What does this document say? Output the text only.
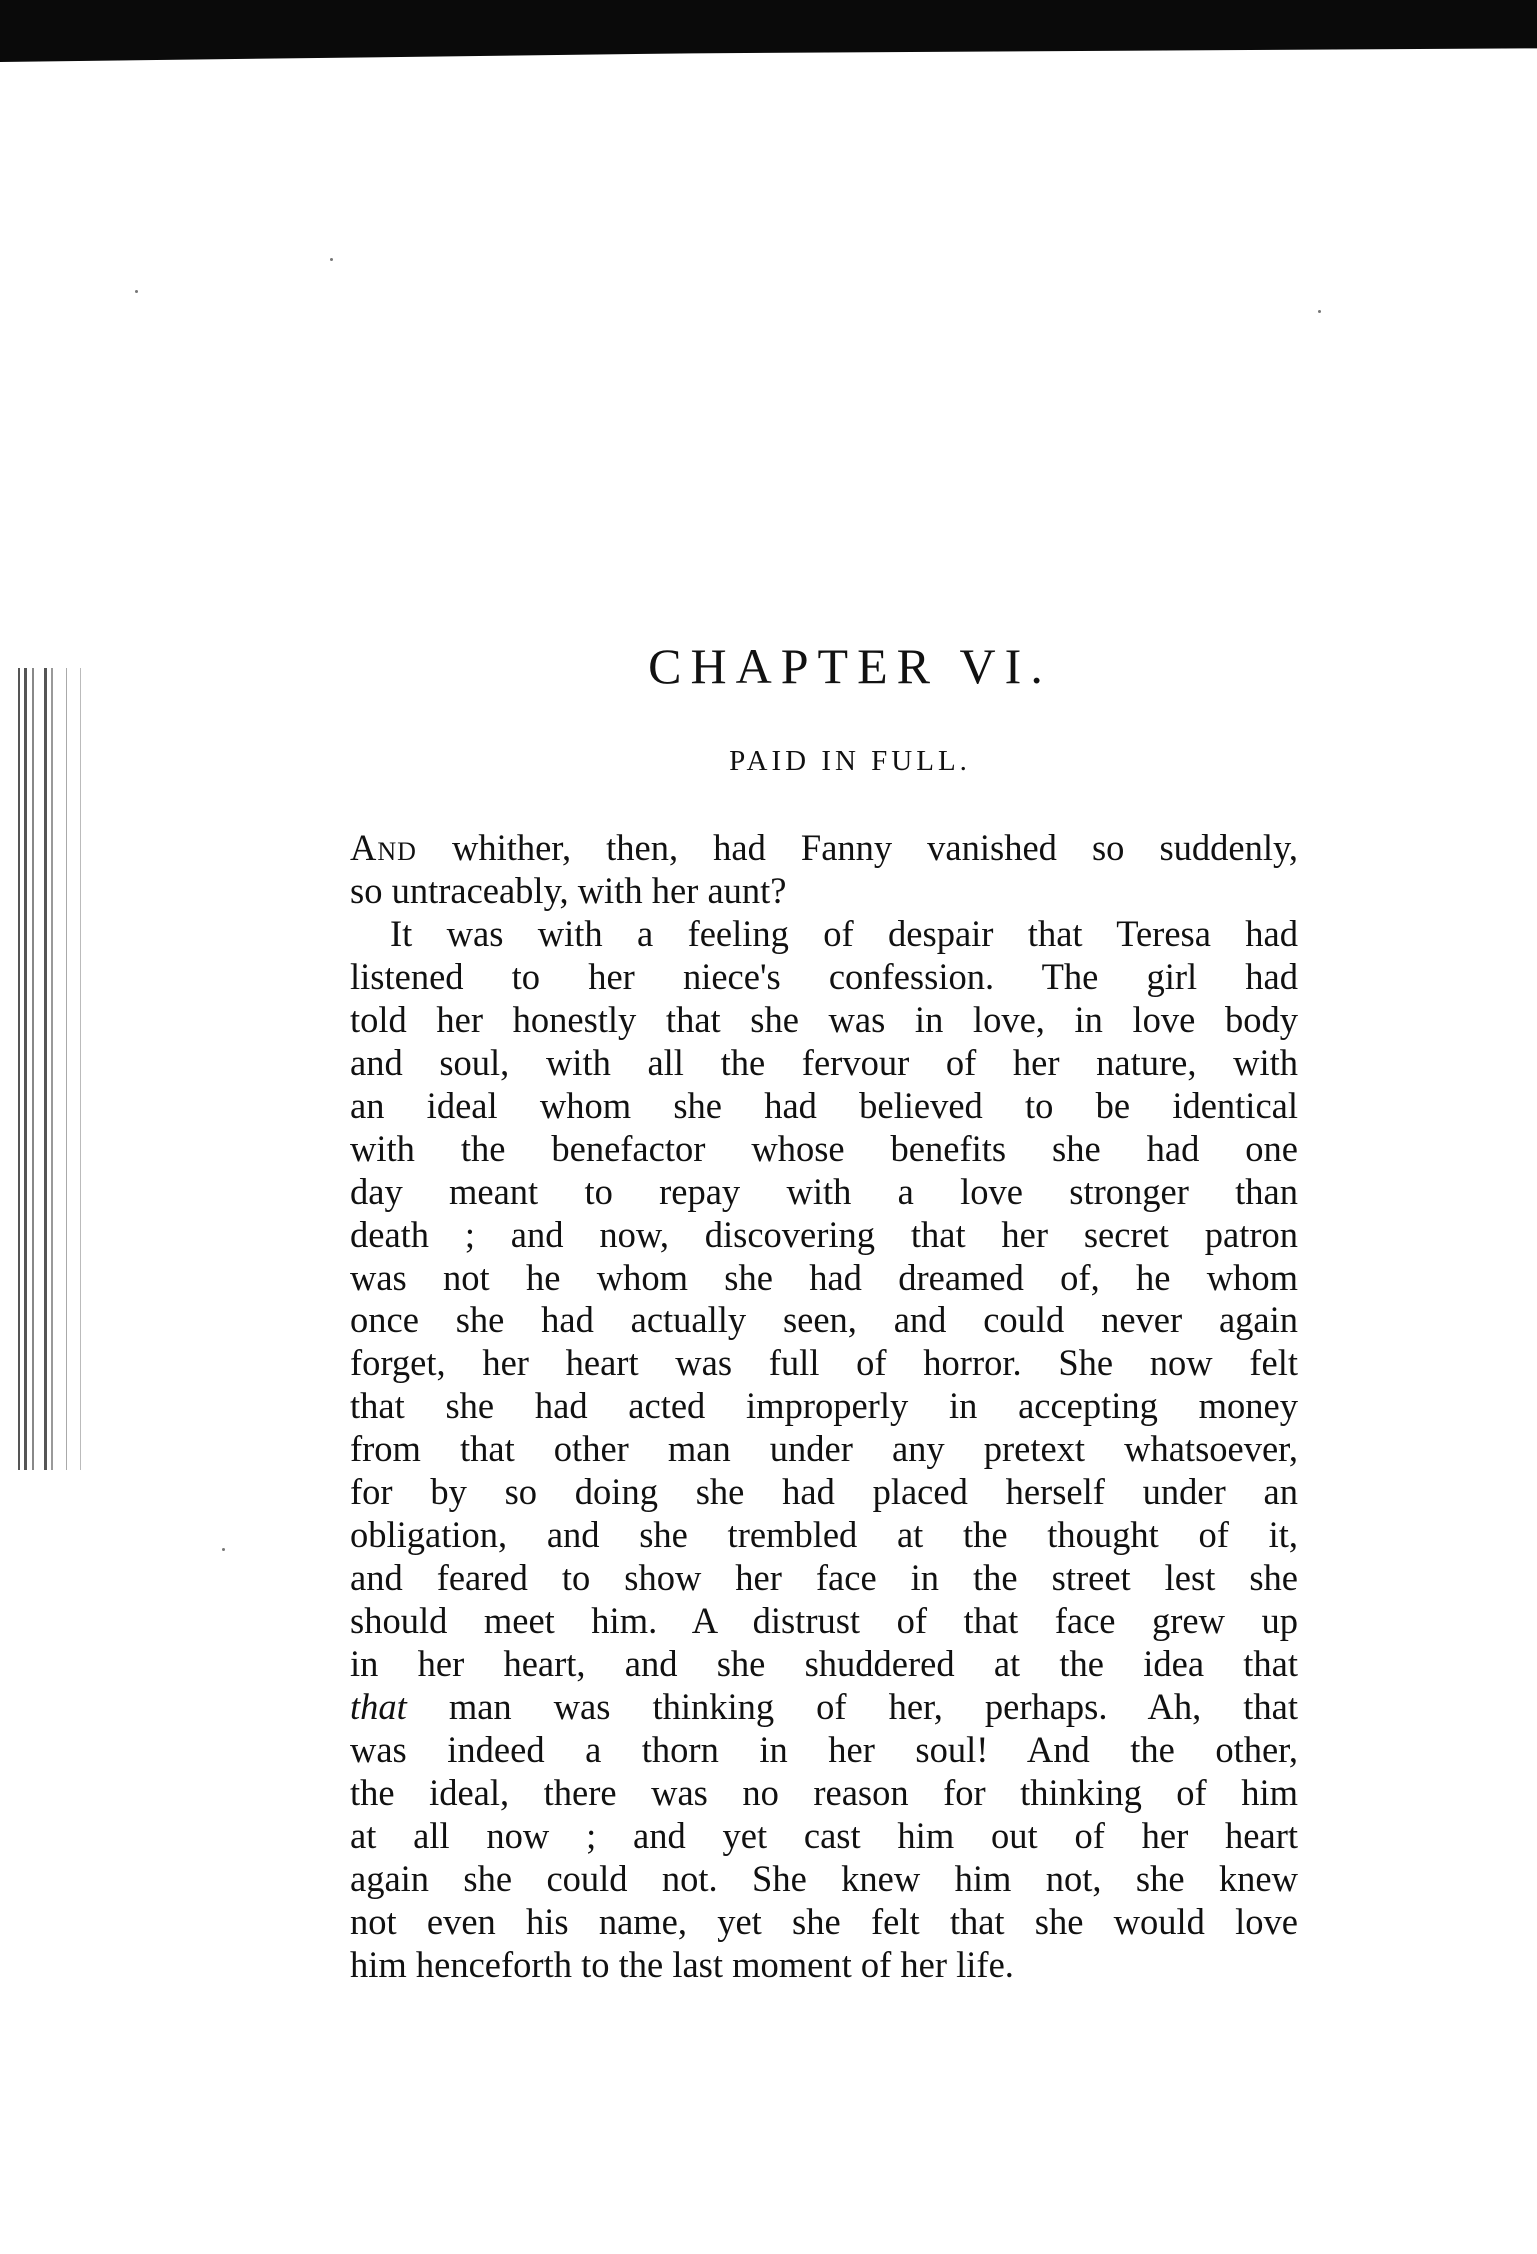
CHAPTER VI.
PAID IN FULL.
And whither, then, had Fanny vanished so suddenly,
so untraceably, with her aunt?
It was with a feeling of despair that Teresa had
listened to her niece's confession. The girl had
told her honestly that she was in love, in love body
and soul, with all the fervour of her nature, with
an ideal whom she had believed to be identical
with the benefactor whose benefits she had one
day meant to repay with a love stronger than
death ; and now, discovering that her secret patron
was not he whom she had dreamed of, he whom
once she had actually seen, and could never again
forget, her heart was full of horror. She now felt
that she had acted improperly in accepting money
from that other man under any pretext whatsoever,
for by so doing she had placed herself under an
obligation, and she trembled at the thought of it,
and feared to show her face in the street lest she
should meet him. A distrust of that face grew up
in her heart, and she shuddered at the idea that
that man was thinking of her, perhaps. Ah, that
was indeed a thorn in her soul! And the other,
the ideal, there was no reason for thinking of him
at all now ; and yet cast him out of her heart
again she could not. She knew him not, she knew
not even his name, yet she felt that she would love
him henceforth to the last moment of her life.
